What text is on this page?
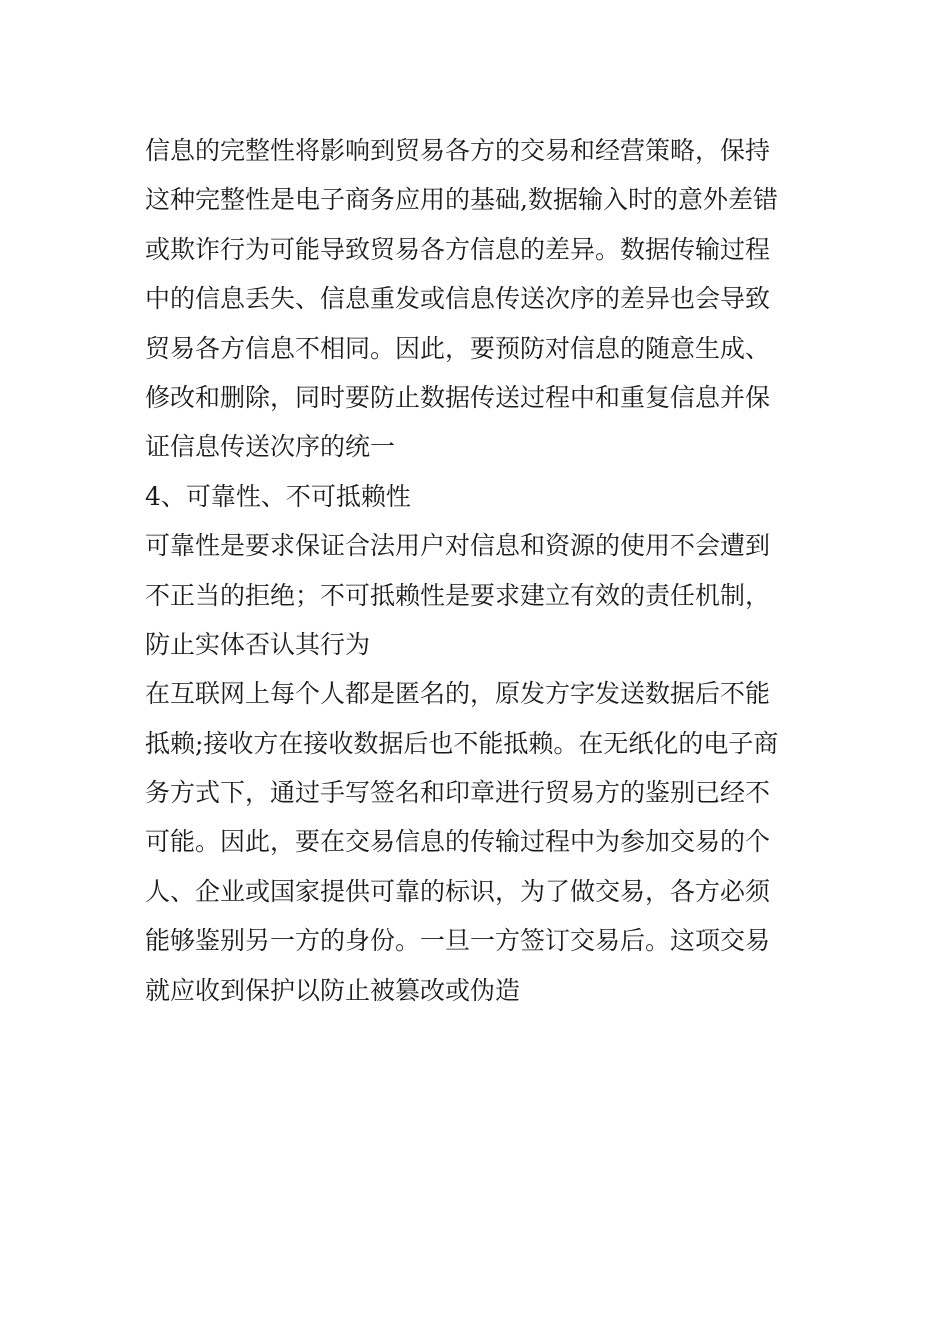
信息的完整性将影响到贸易各方的交易和经营策略，保持
这种完整性是电子商务应用的基础,数据输入时的意外差错
或欺诈行为可能导致贸易各方信息的差异。数据传输过程
中的信息丢失、信息重发或信息传送次序的差异也会导致
贸易各方信息不相同。因此，要预防对信息的随意生成、
修改和删除，同时要防止数据传送过程中和重复信息并保
证信息传送次序的统一
4、可靠性、不可抵赖性
可靠性是要求保证合法用户对信息和资源的使用不会遭到
不正当的拒绝；不可抵赖性是要求建立有效的责任机制，
防止实体否认其行为
在互联网上每个人都是匿名的，原发方字发送数据后不能
抵赖;接收方在接收数据后也不能抵赖。在无纸化的电子商
务方式下，通过手写签名和印章进行贸易方的鉴别已经不
可能。因此，要在交易信息的传输过程中为参加交易的个
人、企业或国家提供可靠的标识，为了做交易，各方必须
能够鉴别另一方的身份。一旦一方签订交易后。这项交易
就应收到保护以防止被篡改或伪造
